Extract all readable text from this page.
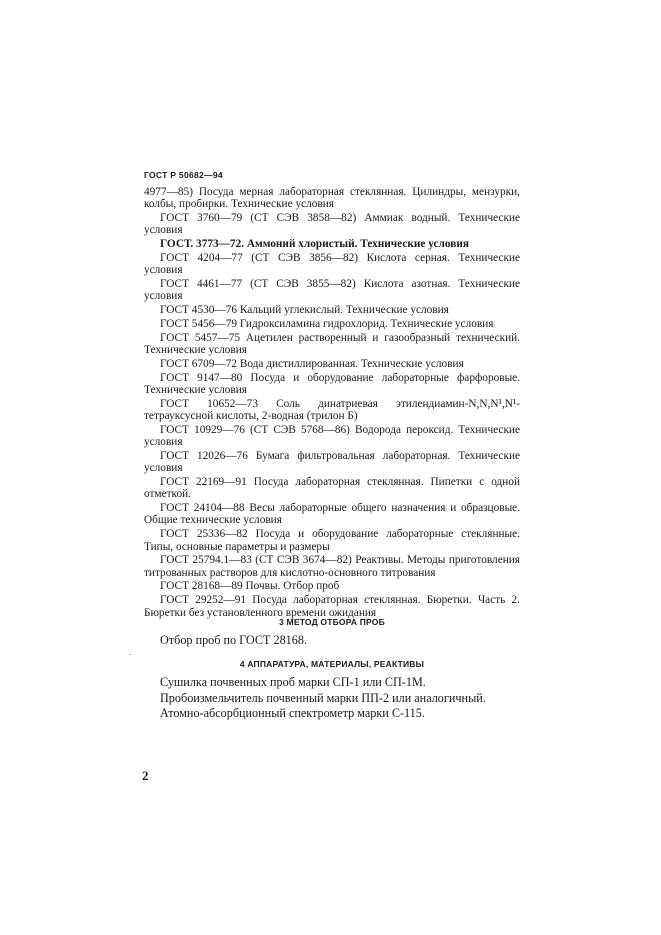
ГОСТ Р 50682—94

4977—85) Посуда мерная лабораторная стеклянная. Цилиндры, мензурки, колбы, пробирки. Технические условия

ГОСТ 3760—79 (СТ СЭВ 3858—82) Аммиак водный. Технические условия

ГОСТ. 3773—72. Аммоний хлористый. Технические условия

ГОСТ 4204—77 (СТ СЭВ 3856—82) Кислота серная. Технические условия

ГОСТ 4461—77 (СТ СЭВ 3855—82) Кислота азотная. Технические условия

ГОСТ 4530—76 Кальций углекислый. Технические условия

ГОСТ 5456—79 Гидроксиламина гидрохлорид. Технические условия

ГОСТ 5457—75 Ацетилен растворенный и газообразный технический. Технические условия

ГОСТ 6709—72 Вода дистиллированная. Технические условия

ГОСТ 9147—80 Посуда и оборудование лабораторные фарфоровые. Технические условия

ГОСТ 10652—73 Соль динатриевая этилендиамин-N,N,N¹,N¹-тетрауксусной кислоты, 2-водная (трилон Б)

ГОСТ 10929—76 (СТ СЭВ 5768—86) Водорода пероксид. Технические условия

ГОСТ 12026—76 Бумага фильтровальная лабораторная. Технические условия

ГОСТ 22169—91 Посуда лабораторная стеклянная. Пипетки с одной отметкой.

ГОСТ 24104—88 Весы лабораторные общего назначения и образцовые. Общие технические условия

ГОСТ 25336—82 Посуда и оборудование лабораторные стеклянные. Типы, основные параметры и размеры

ГОСТ 25794.1—83 (СТ СЭВ 3674—82) Реактивы. Методы приготовления титрованных растворов для кислотно-основного титрования

ГОСТ 28168—89 Почвы. Отбор проб

ГОСТ 29252—91 Посуда лабораторная стеклянная. Бюретки. Часть 2. Бюретки без установленного времени ожидания

3 МЕТОД ОТБОРА ПРОБ
Отбор проб по ГОСТ 28168.
.
4 АППАРАТУРА, МАТЕРИАЛЫ, РЕАКТИВЫ
Сушилка почвенных проб марки СП-1 или СП-1М.
Пробоизмельчитель почвенный марки ПП-2 или аналогичный.
Атомно-абсорбционный спектрометр марки С-115.
2
